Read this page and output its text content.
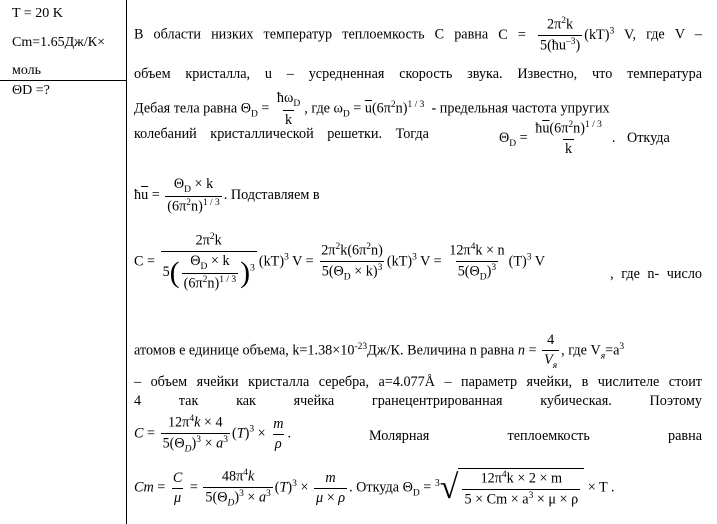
T = 20 K
Cm=1.65Дж/К×
моль
ΘD =?
В области низких температур теплоемкость C равна $C = \frac{2\pi^2k}{5(ħu^{-3})} (kT)^3$ V, где V –
объем кристалла, u – усредненная скорость звука. Известно, что температура
Дебая тела равна $\Theta_D$ =
$ħ\omega_D$
k
, где $\omega_D = \overline{u}(6\pi^2n)^{1 / 3}$ - предельная частота упругих
колебаний кристаллической решетки. Тогда	$\Theta_D = \frac{ħ\overline{u}(6\pi^2n)^{1 / 3}}{k}$ . Откуда
$ħ\overline{u} = \frac{\Theta_D \times k}{(6\pi^2n)^{1 / 3}}$ . Подставляем в
$C = \frac{2\pi^2k}{5( \frac{\Theta_D \times k}{(6\pi^2n)^{1 / 3}} )^3} (kT)^3$ $V = \frac{2\pi^2k(6\pi^2n)}{5(\Theta_D \times k)^3} (kT)^3$ $V = \frac{12\pi^4k \times n}{5(\Theta_D)^3} (T)^3$ V
, где n- число
атомов е единице объема, $k=1.38\times 10^{-23}Дж/К$. Величина n равна n =
4
$V_я$
, где $V_я=a^3$
– объем ячейки кристалла серебра, a=4.077Å – параметр ячейки, в числителе стоит
4 так как ячейка гранецентрированная кубическая. Поэтому
$C = \frac{12\pi^4k \times 4}{5(\Theta_D)^3 \times a^3} (T)^3 \times \frac{m}{\rho}$ .	Молярная теплоемкость равна
$Cm = \frac{C}{\mu} = \frac{48\pi^4k}{5(\Theta_D)^3 \times a^3} (T)^3 \times \frac{m}{\mu \times \rho}$ . Откуда $\Theta_D = ^3√ \frac{12\pi^4k \times 2 \times m}{5 \times Cm \times a^3 \times \mu \times \rho} \times T$ .
